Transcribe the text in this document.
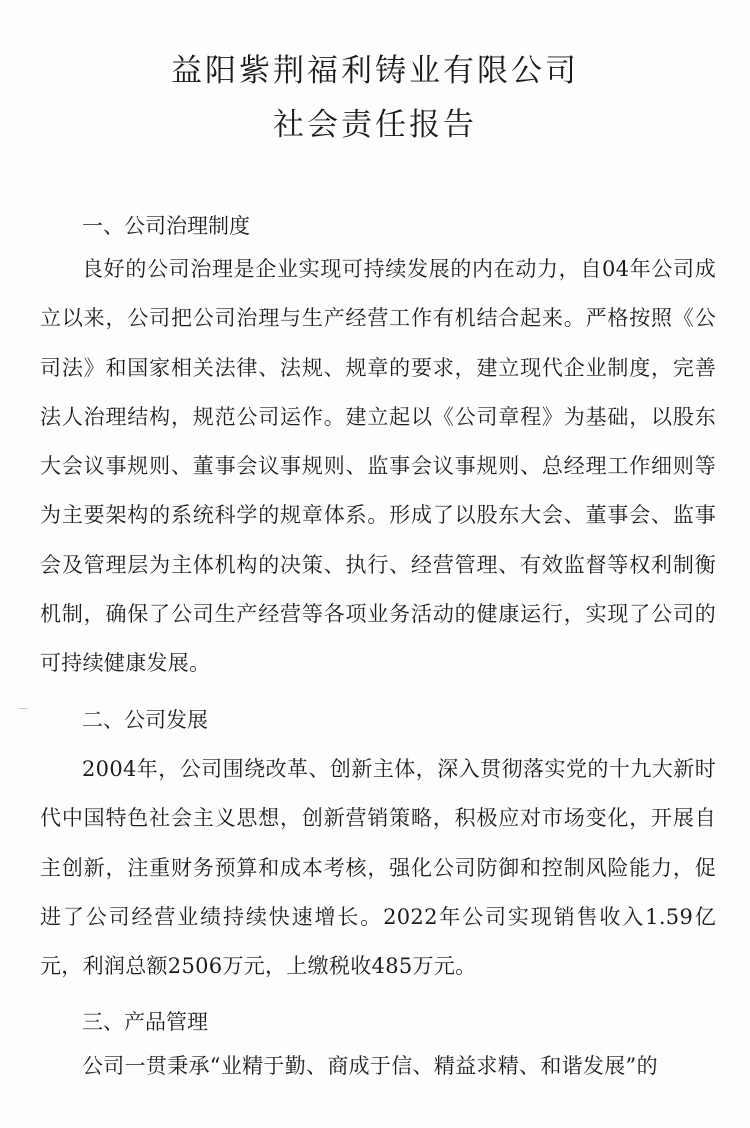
益阳紫荆福利铸业有限公司
社会责任报告
一、公司治理制度
良好的公司治理是企业实现可持续发展的内在动力，自04年公司成立以来，公司把公司治理与生产经营工作有机结合起来。严格按照《公司法》和国家相关法律、法规、规章的要求，建立现代企业制度，完善法人治理结构，规范公司运作。建立起以《公司章程》为基础，以股东大会议事规则、董事会议事规则、监事会议事规则、总经理工作细则等为主要架构的系统科学的规章体系。形成了以股东大会、董事会、监事会及管理层为主体机构的决策、执行、经营管理、有效监督等权利制衡机制，确保了公司生产经营等各项业务活动的健康运行，实现了公司的可持续健康发展。
二、公司发展
2004年，公司围绕改革、创新主体，深入贯彻落实党的十九大新时代中国特色社会主义思想，创新营销策略，积极应对市场变化，开展自主创新，注重财务预算和成本考核，强化公司防御和控制风险能力，促进了公司经营业绩持续快速增长。2022年公司实现销售收入1.59亿元，利润总额2506万元，上缴税收485万元。
三、产品管理
公司一贯秉承“业精于勤、商成于信、精益求精、和谐发展”的
